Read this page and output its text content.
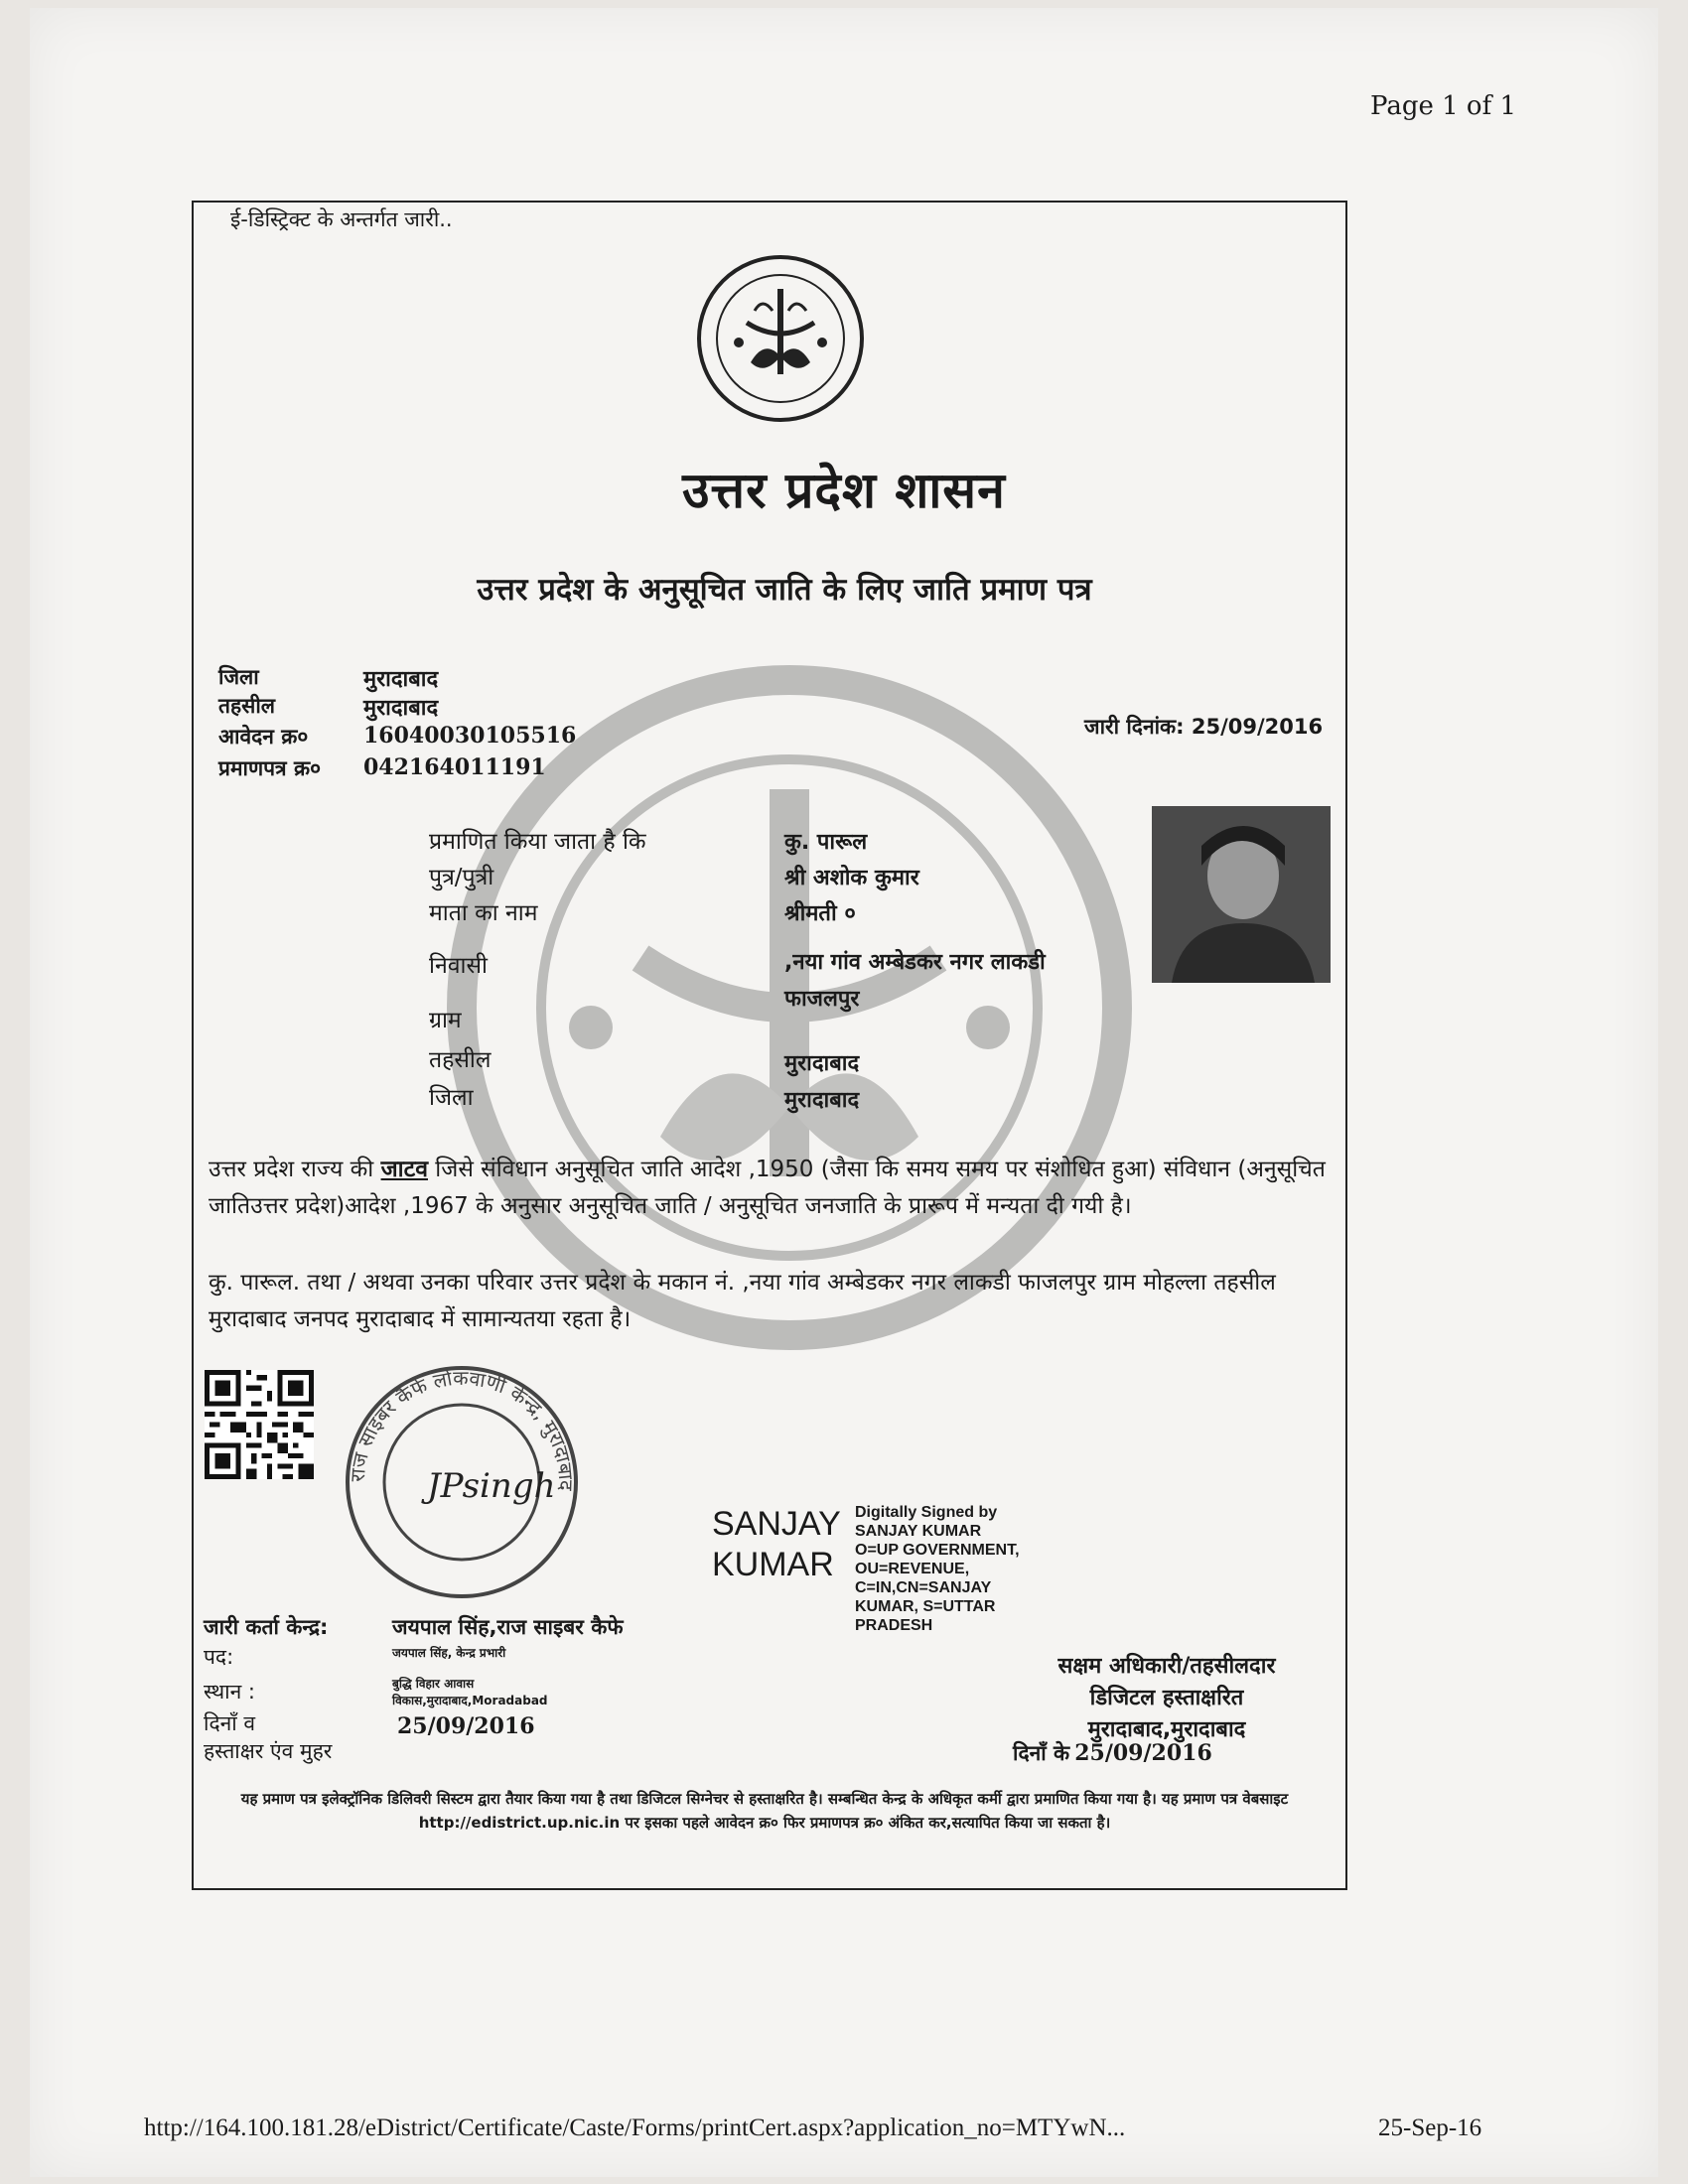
Page 1 of 1
ई-डिस्ट्रिक्ट के अन्तर्गत जारी..
उत्तर प्रदेश शासन
उत्तर प्रदेश के अनुसूचित जाति के लिए जाति प्रमाण पत्र
जिला	मुरादाबाद
तहसील	मुरादाबाद
आवेदन क्र०	16040030105516
प्रमाणपत्र क्र० 042164011191
जारी दिनांक: 25/09/2016
प्रमाणित किया जाता है कि	कु. पारूल
पुत्र/पुत्री	श्री अशोक कुमार
माता का नाम	श्रीमती ०
निवासी	,नया गांव अम्बेडकर नगर लाकडी
फाजलपुर
ग्राम
तहसील	मुरादाबाद
जिला	मुरादाबाद
उत्तर प्रदेश राज्य की जाटव जिसे संविधान अनुसूचित जाति आदेश ,1950 (जैसा कि समय समय पर संशोधित हुआ) संविधान (अनुसूचित जातिउत्तर प्रदेश)आदेश ,1967 के अनुसार अनुसूचित जाति / अनुसूचित जनजाति के प्रारूप में मन्यता दी गयी है।
कु. पारूल. तथा / अथवा उनका परिवार उत्तर प्रदेश के मकान नं. ,नया गांव अम्बेडकर नगर लाकडी फाजलपुर ग्राम मोहल्ला तहसील मुरादाबाद जनपद मुरादाबाद में सामान्यतया रहता है।
राज साइबर कैफे लोकवाणी केन्द्र, मुरादाबाद
JPsingh
SANJAY
KUMAR
Digitally Signed by SANJAY KUMAR O=UP GOVERNMENT, OU=REVENUE, C=IN,CN=SANJAY KUMAR, S=UTTAR PRADESH
जारी कर्ता केन्द्र:	जयपाल सिंह,राज साइबर कैफे
पद:	जयपाल सिंह, केन्द्र प्रभारी
स्थान :	बुद्धि विहार आवास विकास,मुरादाबाद,Moradabad
दिनाँ व	25/09/2016
हस्ताक्षर एंव मुहर
सक्षम अधिकारी/तहसीलदार
डिजिटल हस्ताक्षरित
मुरादाबाद,मुरादाबाद
दिनाँ के 25/09/2016
यह प्रमाण पत्र इलेक्ट्रॉनिक डिलिवरी सिस्टम द्वारा तैयार किया गया है तथा डिजिटल सिग्नेचर से हस्ताक्षरित है। सम्बन्धित केन्द्र के अधिकृत कर्मी द्वारा प्रमाणित किया गया है। यह प्रमाण पत्र वेबसाइट http://edistrict.up.nic.in पर इसका पहले आवेदन क्र० फिर प्रमाणपत्र क्र० अंकित कर,सत्यापित किया जा सकता है।
http://164.100.181.28/eDistrict/Certificate/Caste/Forms/printCert.aspx?application_no=MTYwN...	25-Sep-16
